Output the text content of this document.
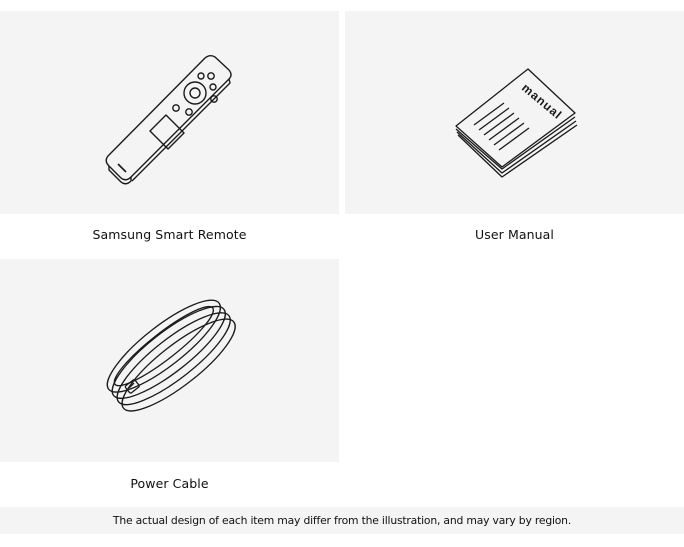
Samsung Smart Remote
manual
User Manual
Power Cable
The actual design of each item may differ from the illustration, and may vary by region.
